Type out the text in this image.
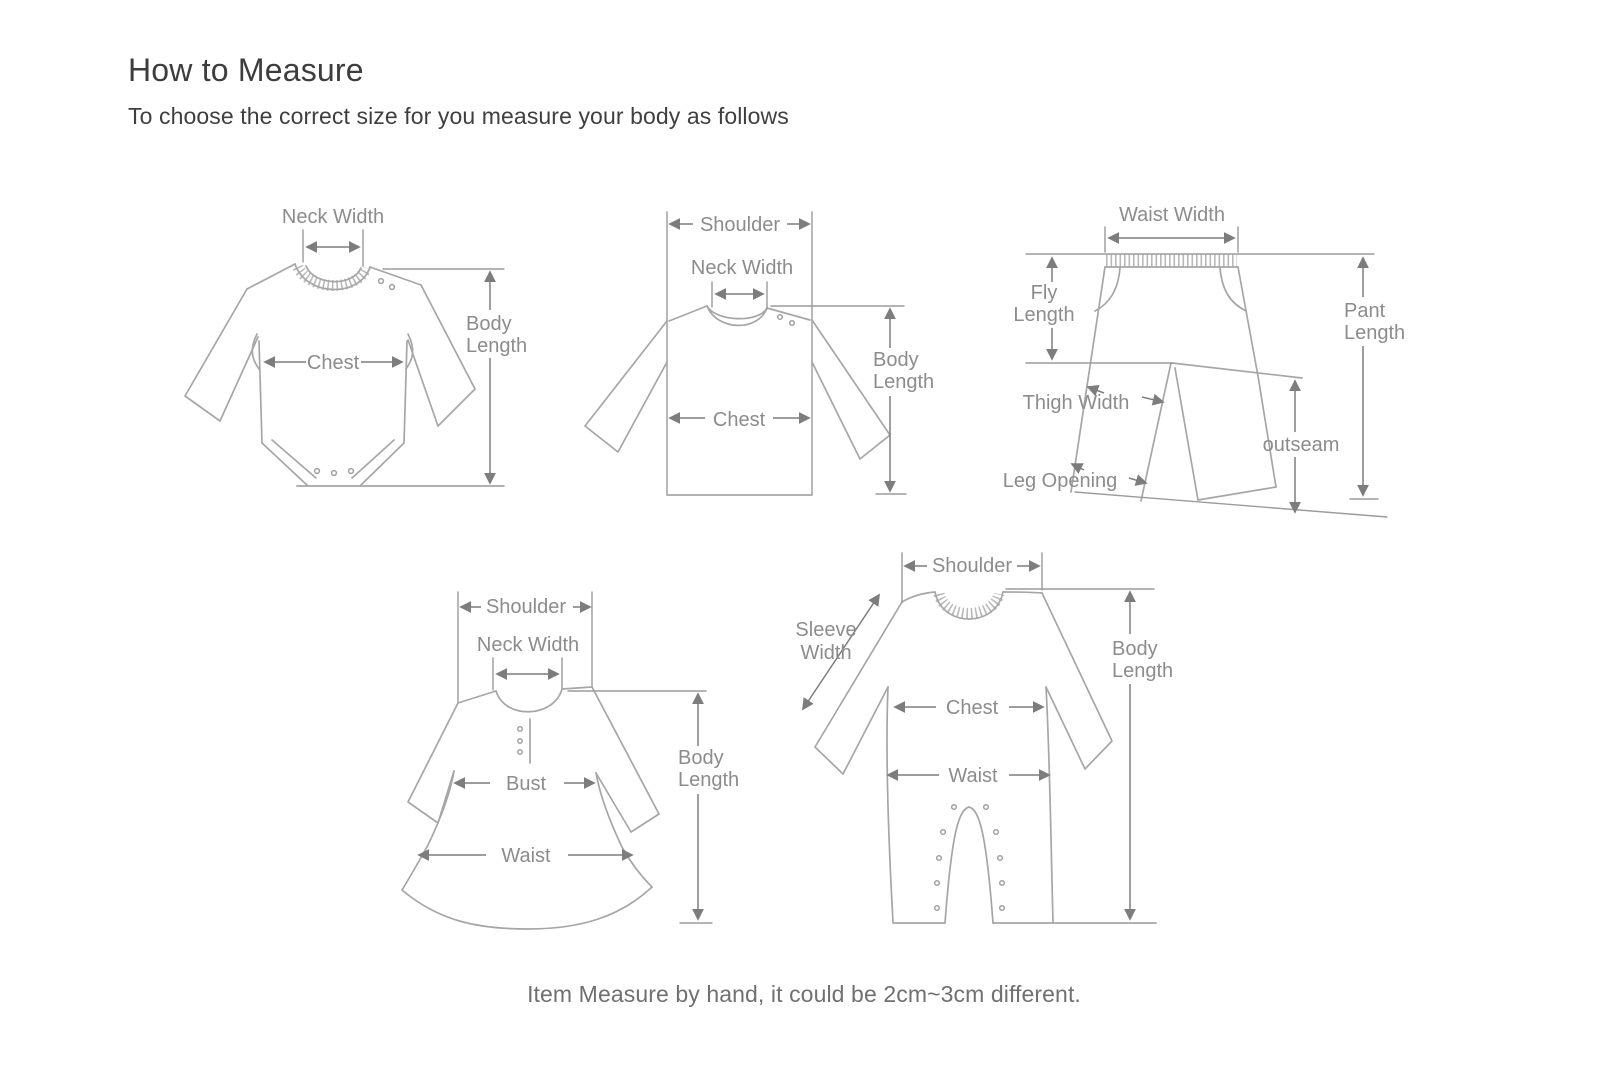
How to Measure
To choose the correct size for you measure your body as follows
Neck Width
Chest
Body
Length
Shoulder
Neck Width
Chest
Body
Length
Waist Width
Fly
Length	Pant
Length
Thigh Width
outseam
Leg Opening
Shoulder
Neck Width
Bust
Waist
Body
Length
Shoulder
Sleeve
Width
Chest
Waist
Body
Length
Item Measure by hand, it could be 2cm~3cm different.
